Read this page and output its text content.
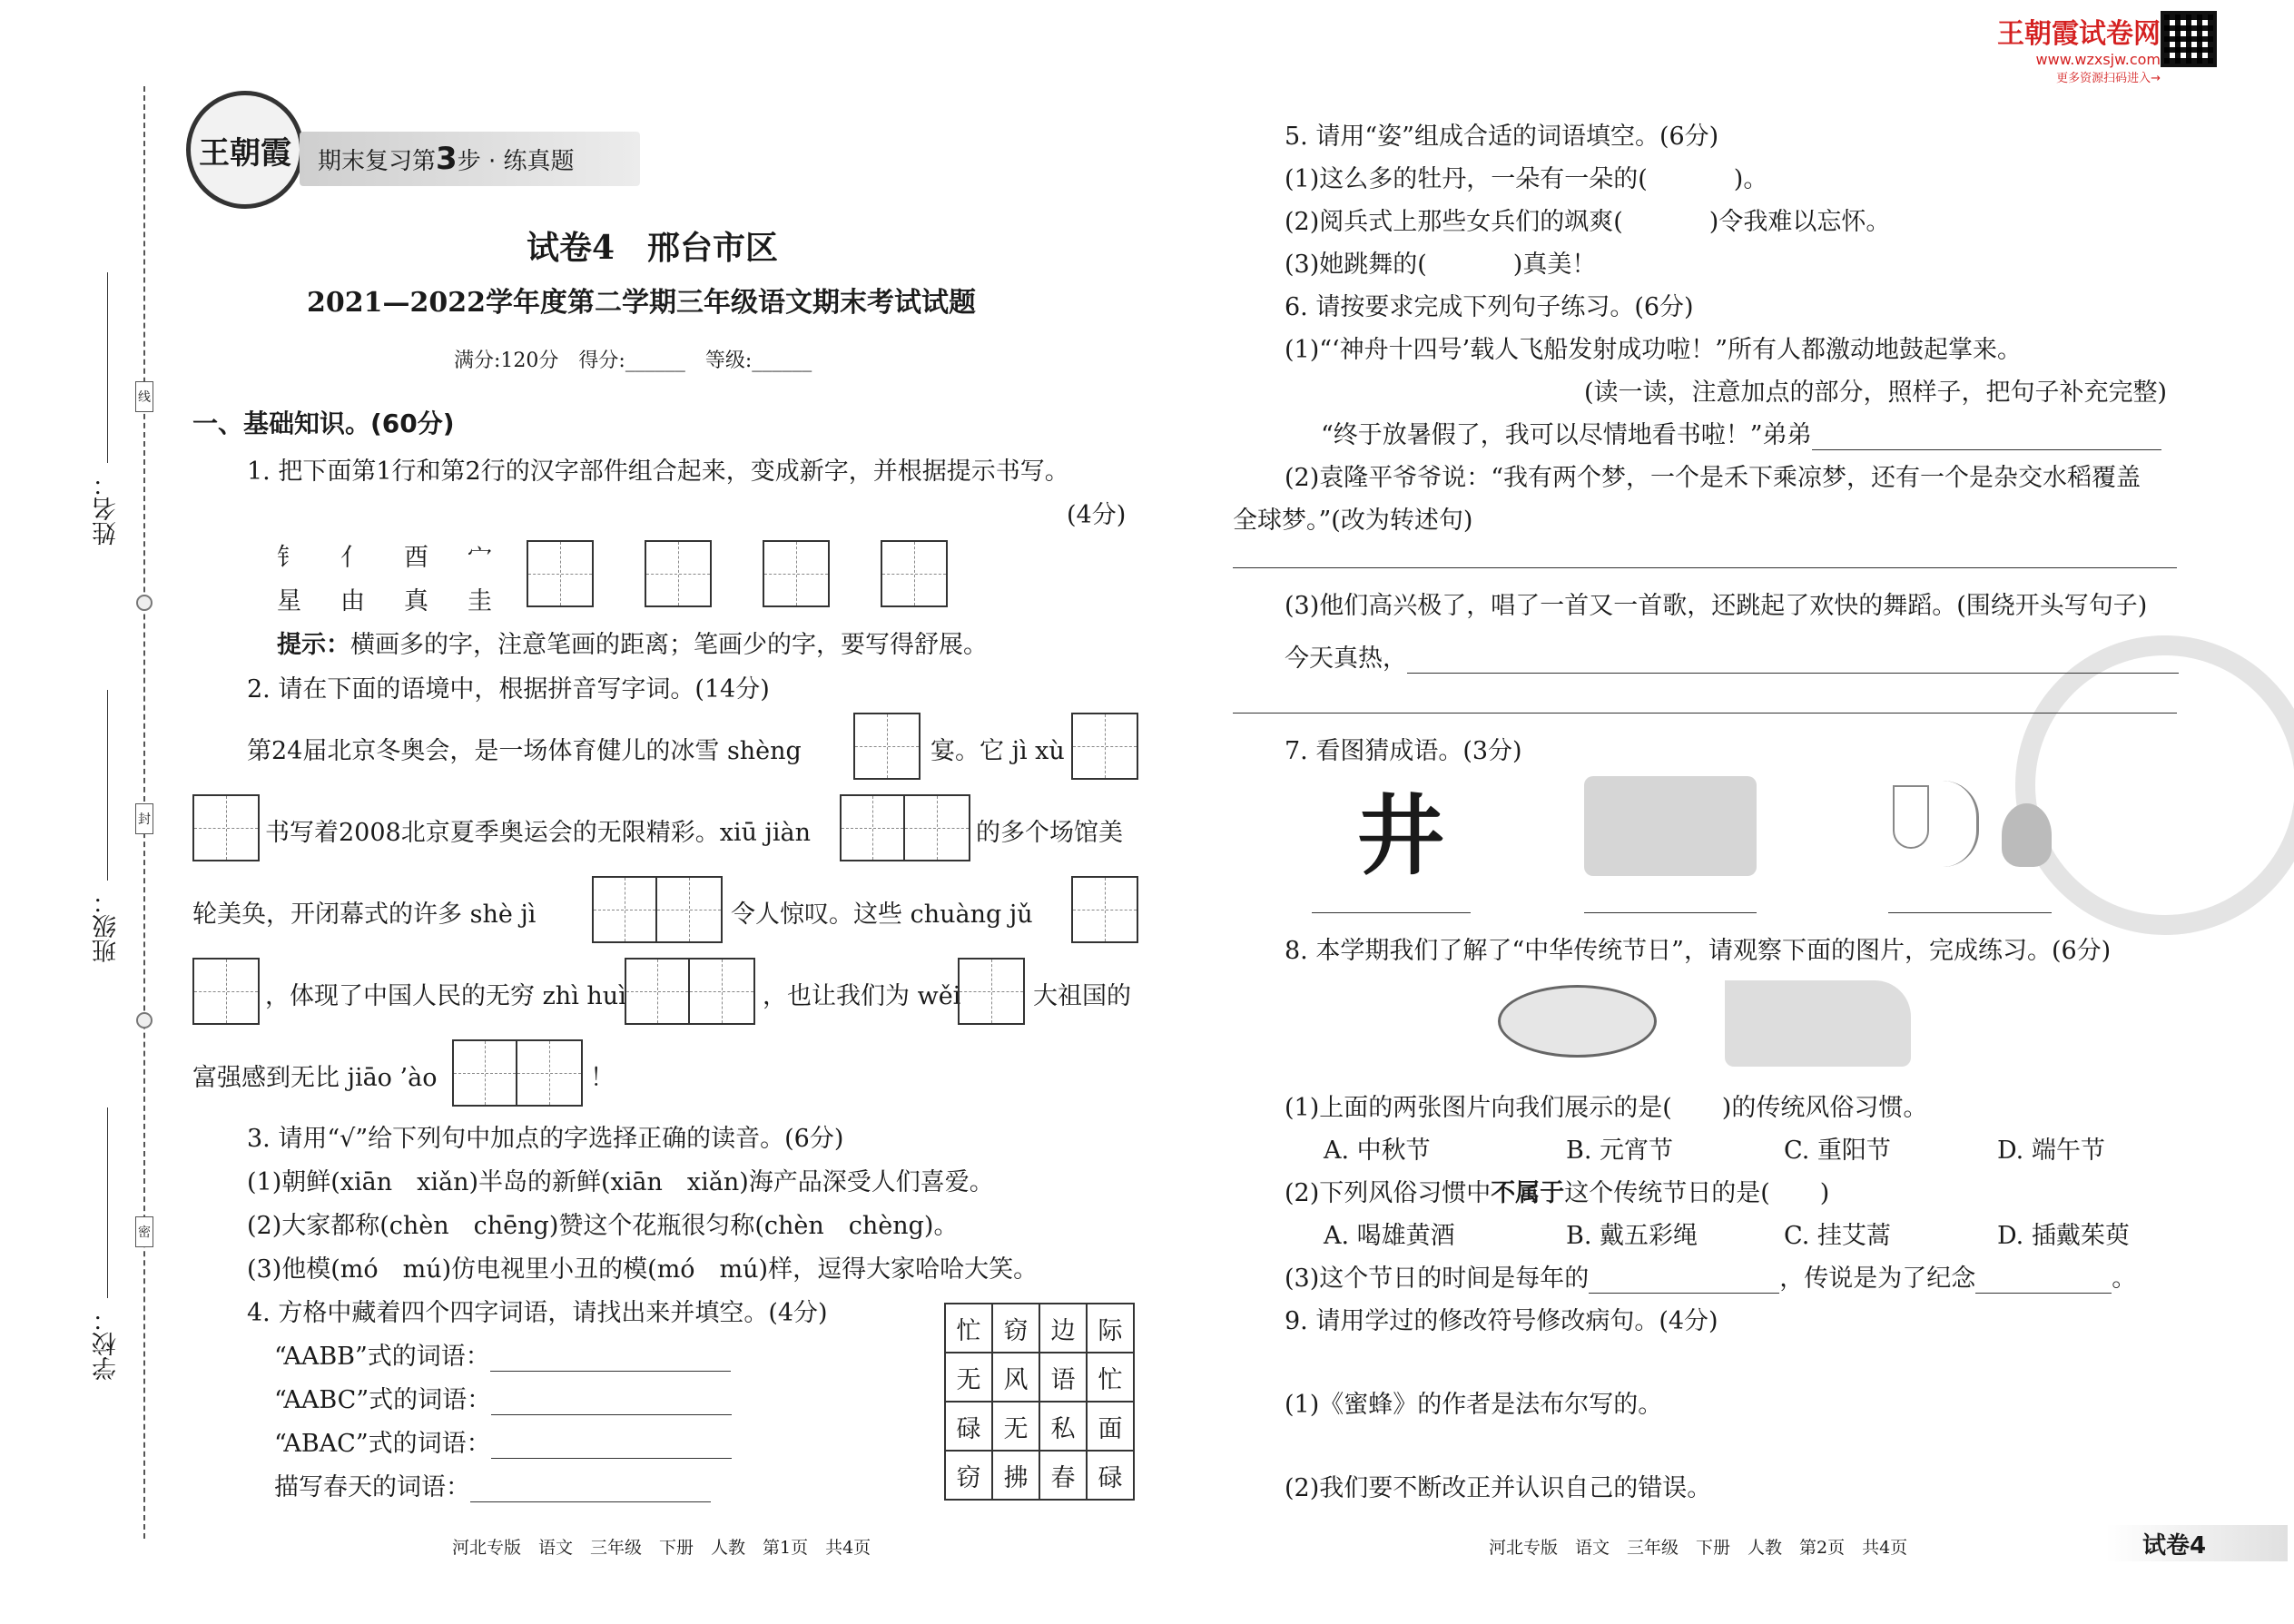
姓名：
班级：
学校：
线
封
密
王朝霞 期末复习第 3 步 · 练真题
王朝霞试卷网
www.wzxsjw.com
更多资源扫码进入→
试卷4　邢台市区
2021—2022学年度第二学期三年级语文期末考试试题
满分:120分　得分:______　等级:______
一、基础知识。(60分)
1. 把下面第1行和第2行的汉字部件组合起来，变成新字，并根据提示书写。
(4分)
钅　亻　酉　宀
星　由　真　圭
提示：横画多的字，注意笔画的距离；笔画少的字，要写得舒展。
2. 请在下面的语境中，根据拼音写字词。(14分)
第24届北京冬奥会，是一场体育健儿的冰雪 shèng	宴。它 jì xù
书写着2008北京夏季奥运会的无限精彩。xiū jiàn	的多个场馆美
轮美奂，开闭幕式的许多 shè jì	令人惊叹。这些 chuàng jǔ
，体现了中国人民的无穷 zhì huì	，也让我们为 wěi	大祖国的
富强感到无比 jiāo ’ào	！
3. 请用“√”给下列句中加点的字选择正确的读音。(6分)
(1)朝鲜(xiān　xiǎn)半岛的新鲜(xiān　xiǎn)海产品深受人们喜爱。
(2)大家都称(chèn　chēng)赞这个花瓶很匀称(chèn　chèng)。
(3)他模(mó　mú)仿电视里小丑的模(mó　mú)样，逗得大家哈哈大笑。
4. 方格中藏着四个四字词语，请找出来并填空。(4分)
“AABB”式的词语：
“AABC”式的词语：
“ABAC”式的词语：
描写春天的词语：
忙	窃	边	际
无	风	语	忙
碌	无	私	面
窃	拂	春	碌
河北专版　语文　三年级　下册　人教　第1页　共4页
5. 请用“姿”组成合适的词语填空。(6分)
(1)这么多的牡丹，一朵有一朵的(	)。
(2)阅兵式上那些女兵们的飒爽(	)令我难以忘怀。
(3)她跳舞的(	)真美！
6. 请按要求完成下列句子练习。(6分)
(1)“‘神舟十四号’载人飞船发射成功啦！”所有人都激动地鼓起掌来。
(读一读，注意加点的部分，照样子，把句子补充完整)
“终于放暑假了，我可以尽情地看书啦！”弟弟
(2)袁隆平爷爷说：“我有两个梦，一个是禾下乘凉梦，还有一个是杂交水稻覆盖
全球梦。”(改为转述句)
(3)他们高兴极了，唱了一首又一首歌，还跳起了欢快的舞蹈。(围绕开头写句子)
今天真热，
7. 看图猜成语。(3分)
井
8. 本学期我们了解了“中华传统节日”，请观察下面的图片，完成练习。(6分)
(1)上面的两张图片向我们展示的是( )的传统风俗习惯。
A. 中秋节	B. 元宵节	C. 重阳节	D. 端午节
(2)下列风俗习惯中不属于这个传统节日的是( )
A. 喝雄黄酒	B. 戴五彩绳	C. 挂艾蒿	D. 插戴茱萸
(3)这个节日的时间是每年的	，传说是为了纪念	。
9. 请用学过的修改符号修改病句。(4分)
(1)《蜜蜂》的作者是法布尔写的。
(2)我们要不断改正并认识自己的错误。
河北专版　语文　三年级　下册　人教　第2页　共4页	试卷4
